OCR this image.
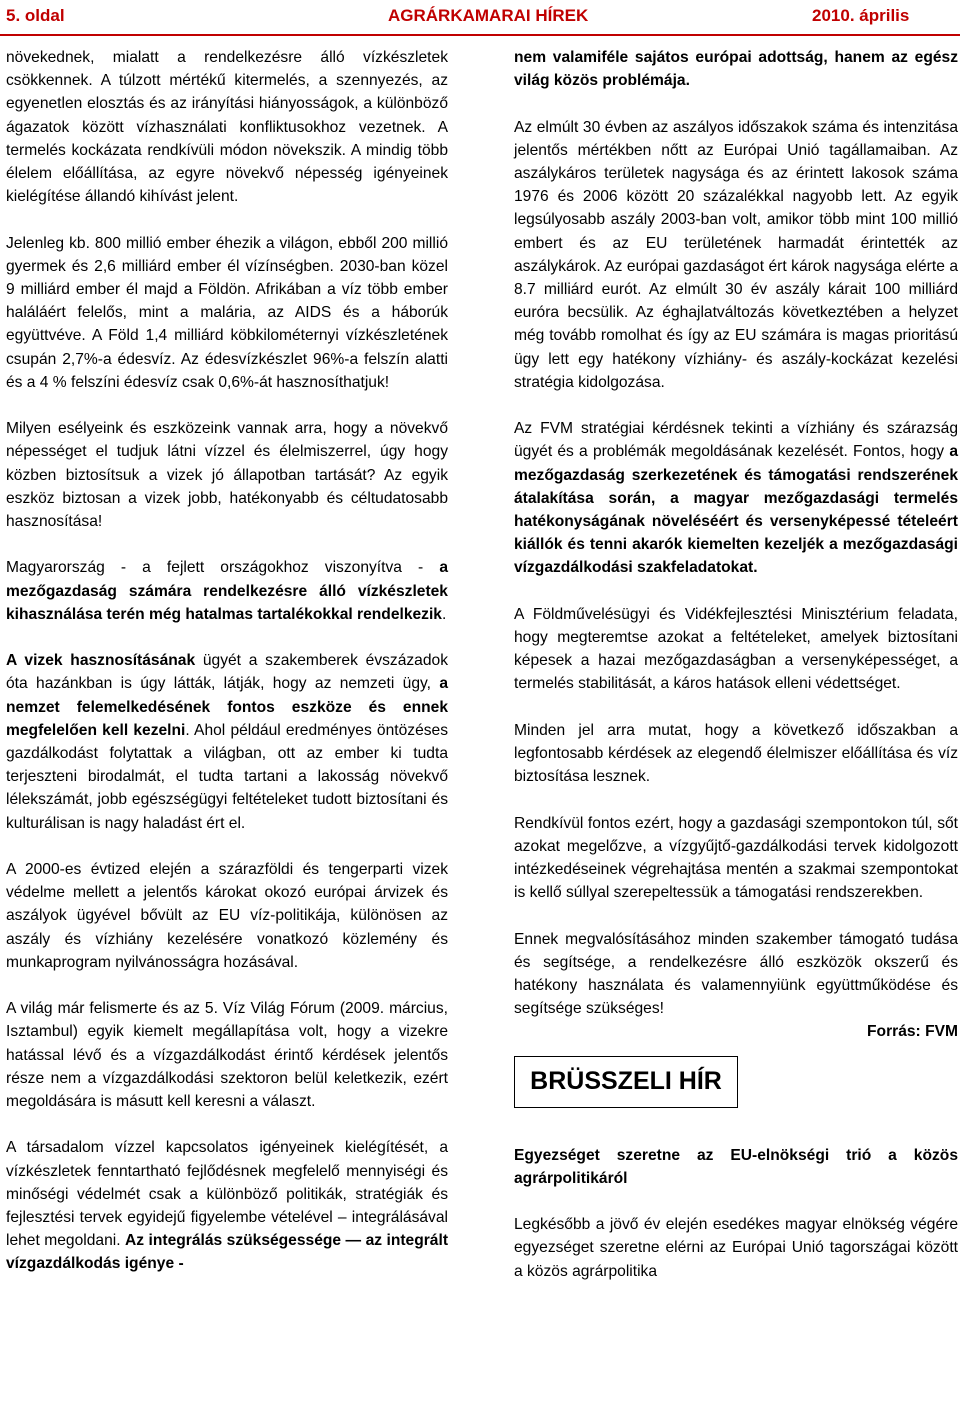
5. oldal	AGRÁRKAMARAI HÍREK	2010. április

növekednek, mialatt a rendelkezésre álló vízkészletek csökkennek. A túlzott mértékű kitermelés, a szennyezés, az egyenetlen elosztás és az irányítási hiányosságok, a különböző ágazatok között vízhasználati konfliktusokhoz vezetnek. A termelés kockázata rendkívüli módon növekszik. A mindig több élelem előállítása, az egyre növekvő népesség igényeinek kielégítése állandó kihívást jelent.

Jelenleg kb. 800 millió ember éhezik a világon, ebből 200 millió gyermek és 2,6 milliárd ember él vízínségben. 2030-ban közel 9 milliárd ember él majd a Földön. Afrikában a víz több ember haláláért felelős, mint a malária, az AIDS és a háborúk együttvéve. A Föld 1,4 milliárd köbkilométernyi vízkészletének csupán 2,7%-a édesvíz. Az édesvízkészlet 96%-a felszín alatti és a 4 % felszíni édesvíz csak 0,6%-át hasznosíthatjuk!

Milyen esélyeink és eszközeink vannak arra, hogy a növekvő népességet el tudjuk látni vízzel és élelmiszerrel, úgy hogy közben biztosítsuk a vizek jó állapotban tartását? Az egyik eszköz biztosan a vizek jobb, hatékonyabb és céltudatosabb hasznosítása!

Magyarország - a fejlett országokhoz viszonyítva - a mezőgazdaság számára rendelkezésre álló vízkészletek kihasználása terén még hatalmas tartalékokkal rendelkezik.

A vizek hasznosításának ügyét a szakemberek évszázadok óta hazánkban is úgy látták, látják, hogy az nemzeti ügy, a nemzet felemelkedésének fontos eszköze és ennek megfelelően kell kezelni. Ahol például eredményes öntözéses gazdálkodást folytattak a világban, ott az ember ki tudta terjeszteni birodalmát, el tudta tartani a lakosság növekvő lélekszámát, jobb egészségügyi feltételeket tudott biztosítani és kulturálisan is nagy haladást ért el.

A 2000-es évtized elején a szárazföldi és tengerparti vizek védelme mellett a jelentős károkat okozó európai árvizek és aszályok ügyével bővült az EU víz-politikája, különösen az aszály és vízhiány kezelésére vonatkozó közlemény és munkaprogram nyilvánosságra hozásával.

A világ már felismerte és az 5. Víz Világ Fórum (2009. március, Isztambul) egyik kiemelt megállapítása volt, hogy a vizekre hatással lévő és a vízgazdálkodást érintő kérdések jelentős része nem a vízgazdálkodási szektoron belül keletkezik, ezért megoldására is másutt kell keresni a választ.

A társadalom vízzel kapcsolatos igényeinek kielégítését, a vízkészletek fenntartható fejlődésnek megfelelő mennyiségi és minőségi védelmét csak a különböző politikák, stratégiák és fejlesztési tervek egyidejű figyelembe vételével – integrálásával lehet megoldani. Az integrálás szükségessége — az integrált vízgazdálkodás igénye -

nem valamiféle sajátos európai adottság, hanem az egész világ közös problémája.

Az elmúlt 30 évben az aszályos időszakok száma és intenzitása jelentős mértékben nőtt az Európai Unió tagállamaiban. Az aszálykáros területek nagysága és az érintett lakosok száma 1976 és 2006 között 20 százalékkal nagyobb lett. Az egyik legsúlyosabb aszály 2003-ban volt, amikor több mint 100 millió embert és az EU területének harmadát érintették az aszálykárok. Az európai gazdaságot ért károk nagysága elérte a 8.7 milliárd eurót. Az elmúlt 30 év aszály kárait 100 milliárd euróra becsülik. Az éghajlatváltozás következtében a helyzet még tovább romolhat és így az EU számára is magas prioritású ügy lett egy hatékony vízhiány- és aszály-kockázat kezelési stratégia kidolgozása.

Az FVM stratégiai kérdésnek tekinti a vízhiány és szárazság ügyét és a problémák megoldásának kezelését. Fontos, hogy a mezőgazdaság szerkezetének és támogatási rendszerének átalakítása során, a magyar mezőgazdasági termelés hatékonyságának növeléséért és versenyképessé tételeért kiállók és tenni akarók kiemelten kezeljék a mezőgazdasági vízgazdálkodási szakfeladatokat.

A Földművelésügyi és Vidékfejlesztési Minisztérium feladata, hogy megteremtse azokat a feltételeket, amelyek biztosítani képesek a hazai mezőgazdaságban a versenyképességet, a termelés stabilitását, a káros hatások elleni védettséget.

Minden jel arra mutat, hogy a következő időszakban a legfontosabb kérdések az elegendő élelmiszer előállítása és víz biztosítása lesznek.

Rendkívül fontos ezért, hogy a gazdasági szempontokon túl, sőt azokat megelőzve, a vízgyűjtő-gazdálkodási tervek kidolgozott intézkedéseinek végrehajtása mentén a szakmai szempontokat is kellő súllyal szerepeltessük a támogatási rendszerekben.

Ennek megvalósításához minden szakember támogató tudása és segítsége, a rendelkezésre álló eszközök okszerű és hatékony használata és valamennyiünk együttműködése és segítsége szükséges!

Forrás: FVM

BRÜSSZELI HÍR

Egyezséget szeretne az EU-elnökségi trió a közös agrárpolitikáról

Legkésőbb a jövő év elején esedékes magyar elnökség végére egyezséget szeretne elérni az Európai Unió tagországai között a közös agrárpolitika
